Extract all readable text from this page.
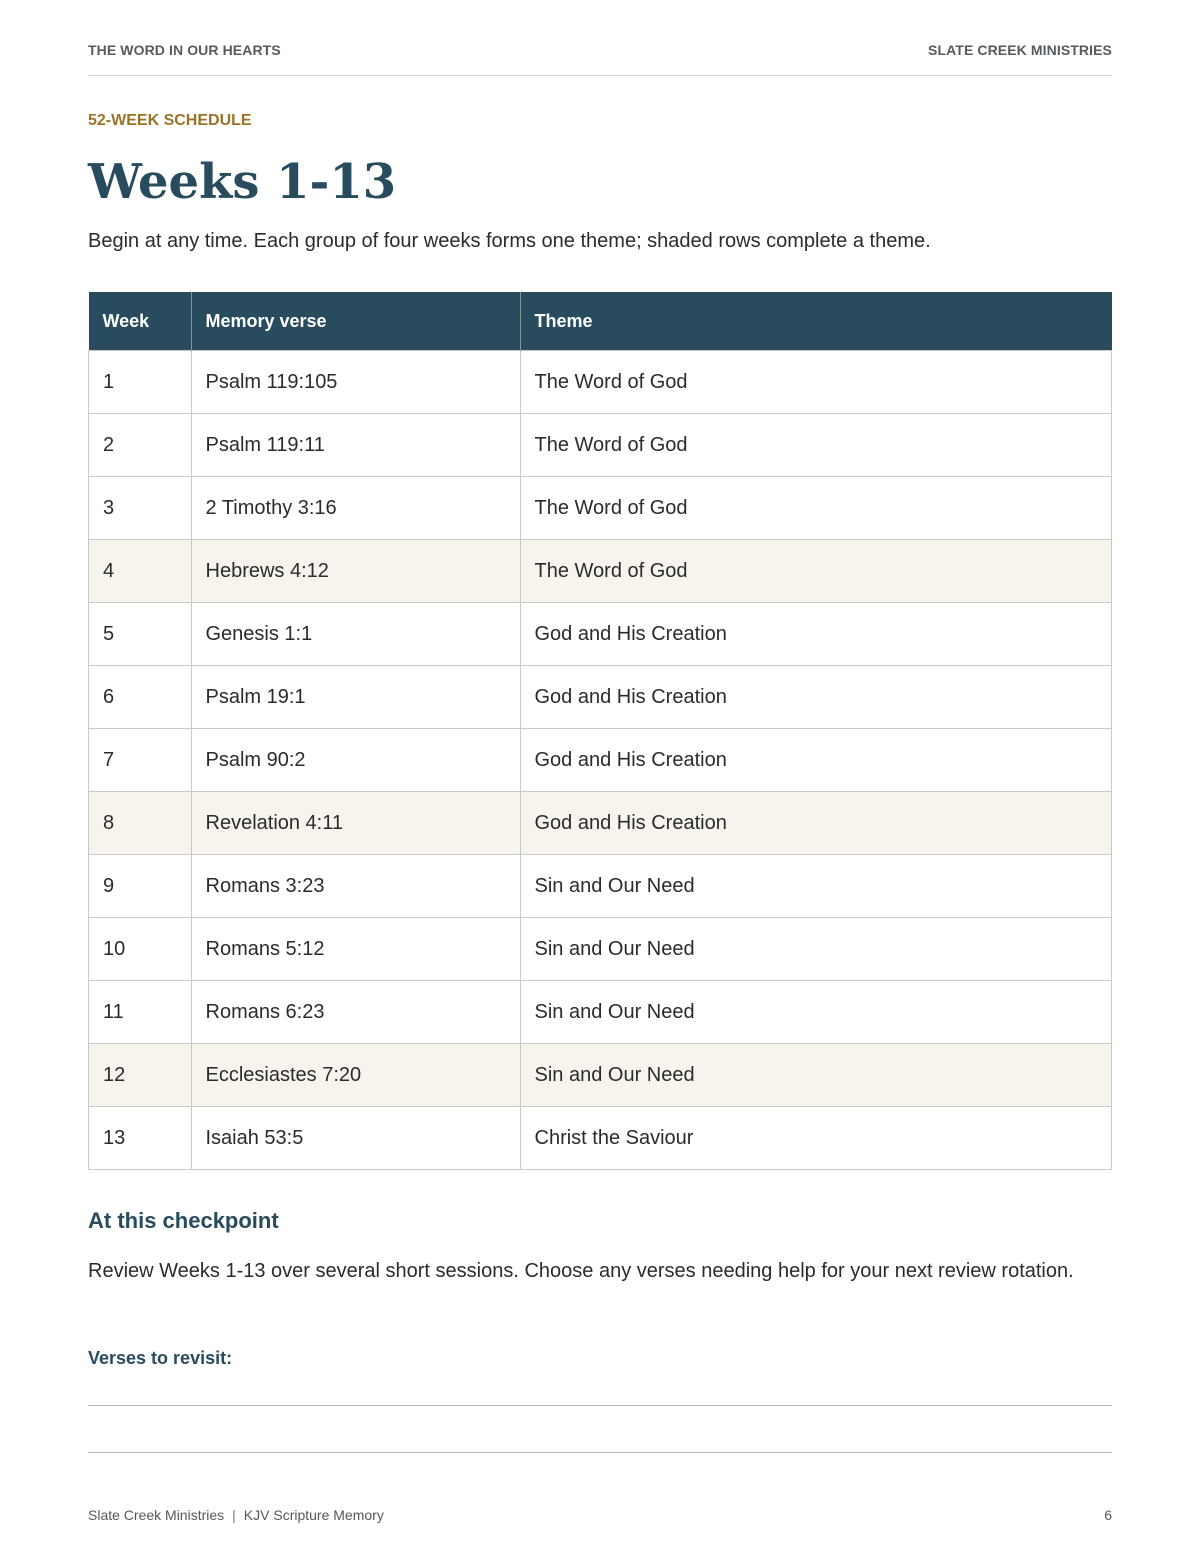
THE WORD IN OUR HEARTS	SLATE CREEK MINISTRIES
52-WEEK SCHEDULE
Weeks 1-13
Begin at any time. Each group of four weeks forms one theme; shaded rows complete a theme.
Week	Memory verse	Theme
1	Psalm 119:105	The Word of God
2	Psalm 119:11	The Word of God
3	2 Timothy 3:16	The Word of God
4	Hebrews 4:12	The Word of God
5	Genesis 1:1	God and His Creation
6	Psalm 19:1	God and His Creation
7	Psalm 90:2	God and His Creation
8	Revelation 4:11	God and His Creation
9	Romans 3:23	Sin and Our Need
10	Romans 5:12	Sin and Our Need
11	Romans 6:23	Sin and Our Need
12	Ecclesiastes 7:20	Sin and Our Need
13	Isaiah 53:5	Christ the Saviour
At this checkpoint

Review Weeks 1-13 over several short sessions. Choose any verses needing help for your next review rotation.

Verses to revisit:
Slate Creek Ministries | KJV Scripture Memory	6
